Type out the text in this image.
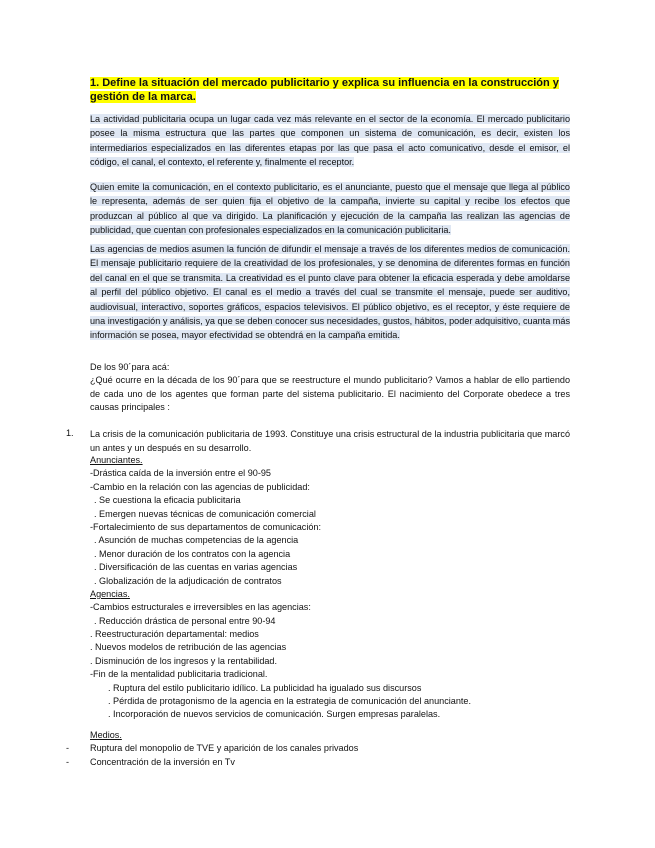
1. Define la situación del mercado publicitario y explica su influencia en la construcción y gestión de la marca.

La actividad publicitaria ocupa un lugar cada vez más relevante en el sector de la economía. El mercado publicitario posee la misma estructura que las partes que componen un sistema de comunicación, es decir, existen los intermediarios especializados en las diferentes etapas por las que pasa el acto comunicativo, desde el emisor, el código, el canal, el contexto, el referente y, finalmente el receptor.

Quien emite la comunicación, en el contexto publicitario, es el anunciante, puesto que el mensaje que llega al público le representa, además de ser quien fija el objetivo de la campaña, invierte su capital y recibe los efectos que produzcan al público al que va dirigido. La planificación y ejecución de la campaña las realizan las agencias de publicidad, que cuentan con profesionales especializados en la comunicación publicitaria.

Las agencias de medios asumen la función de difundir el mensaje a través de los diferentes medios de comunicación. El mensaje publicitario requiere de la creatividad de los profesionales, y se denomina de diferentes formas en función del canal en el que se transmita. La creatividad es el punto clave para obtener la eficacia esperada y debe amoldarse al perfil del público objetivo. El canal es el medio a través del cual se transmite el mensaje, puede ser auditivo, audiovisual, interactivo, soportes gráficos, espacios televisivos. El público objetivo, es el receptor, y éste requiere de una investigación y análisis, ya que se deben conocer sus necesidades, gustos, hábitos, poder adquisitivo, cuanta más información se posea, mayor efectividad se obtendrá en la campaña emitida.

De los 90´para acá:

¿Qué ocurre en la década de los 90´para que se reestructure el mundo publicitario? Vamos a hablar de ello partiendo de cada uno de los agentes que forman parte del sistema publicitario. El nacimiento del Corporate obedece a tres causas principales :

1. La crisis de la comunicación publicitaria de 1993. Constituye una crisis estructural de la industria publicitaria que marcó un antes y un después en su desarrollo.
Anunciantes.
-Drástica caída de la inversión entre el 90-95
-Cambio en la relación con las agencias de publicidad:
. Se cuestiona la eficacia publicitaria
. Emergen nuevas técnicas de comunicación comercial
-Fortalecimiento de sus departamentos de comunicación:
. Asunción de muchas competencias de la agencia
. Menor duración de los contratos con la agencia
. Diversificación de las cuentas en varias agencias
. Globalización de la adjudicación de contratos
Agencias.
-Cambios estructurales e irreversibles en las agencias:
. Reducción drástica de personal entre 90-94
. Reestructuración departamental: medios
. Nuevos modelos de retribución de las agencias
. Disminución de los ingresos y la rentabilidad.
-Fin de la mentalidad publicitaria tradicional.
. Ruptura del estilo publicitario idílico. La publicidad ha igualado sus discursos
. Pérdida de protagonismo de la agencia en la estrategia de comunicación del anunciante.
. Incorporación de nuevos servicios de comunicación. Surgen empresas paralelas.
Medios.
- Ruptura del monopolio de TVE y aparición de los canales privados
- Concentración de la inversión en Tv
